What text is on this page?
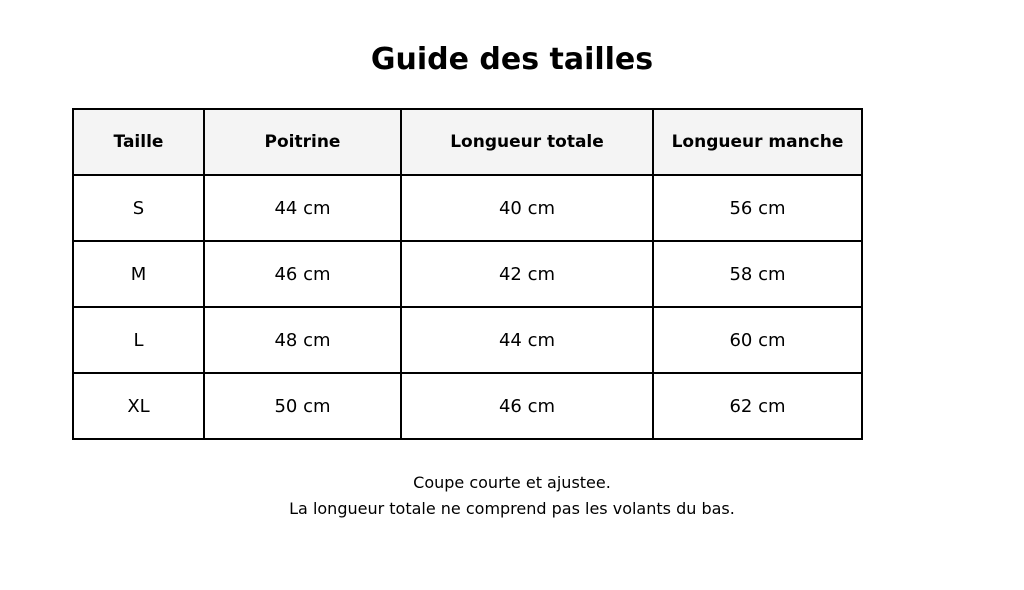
Guide des tailles
Taille	Poitrine	Longueur totale	Longueur manche
S	44 cm	40 cm	56 cm
M	46 cm	42 cm	58 cm
L	48 cm	44 cm	60 cm
XL	50 cm	46 cm	62 cm
Coupe courte et ajustee.
La longueur totale ne comprend pas les volants du bas.
